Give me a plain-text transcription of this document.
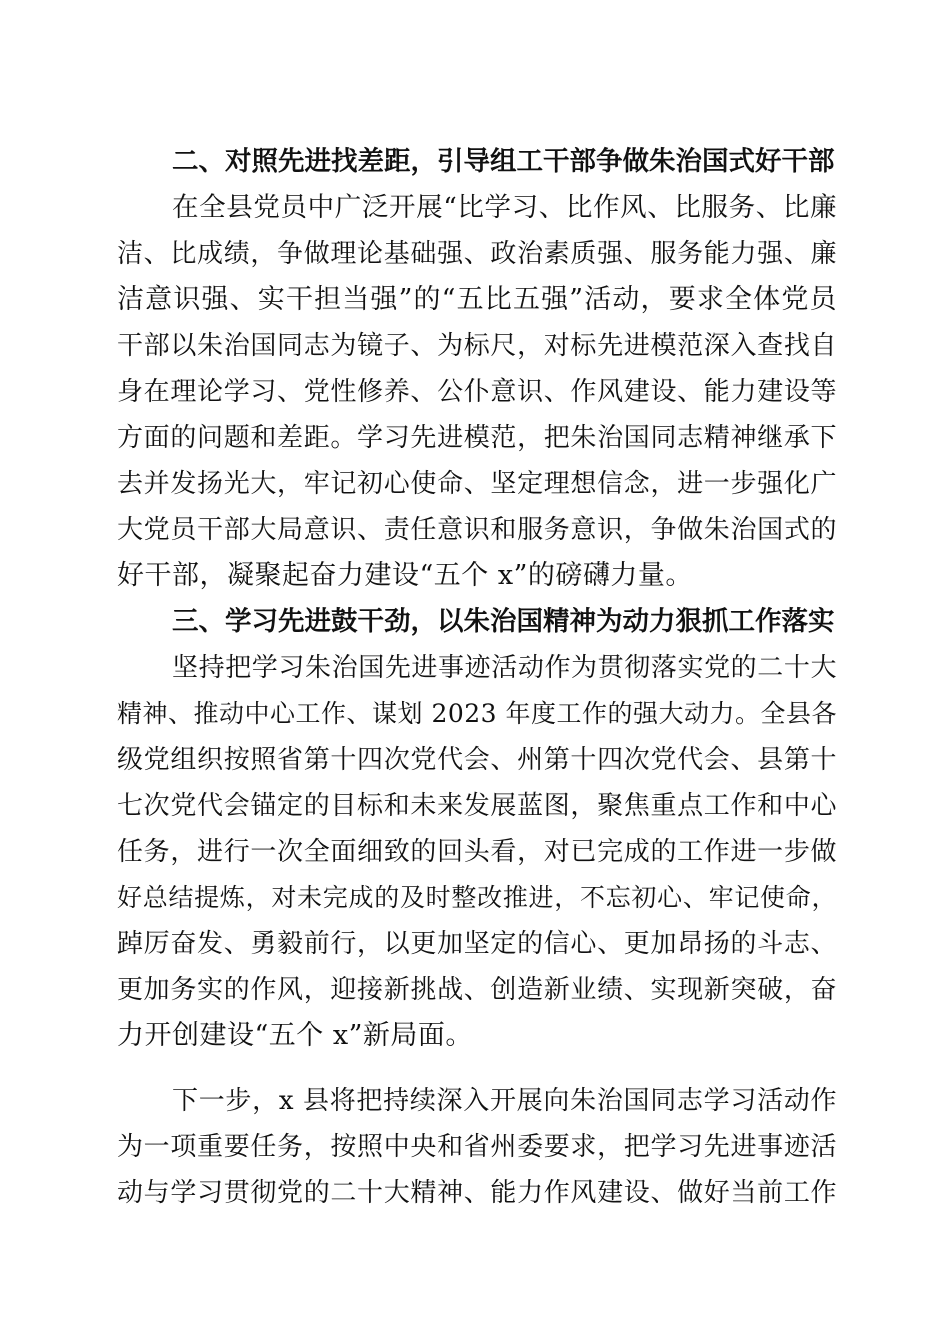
二、对照先进找差距，引导组工干部争做朱治国式好干部
在全县党员中广泛开展“比学习、比作风、比服务、比廉
洁、比成绩，争做理论基础强、政治素质强、服务能力强、廉
洁意识强、实干担当强”的“五比五强”活动，要求全体党员
干部以朱治国同志为镜子、为标尺，对标先进模范深入查找自
身在理论学习、党性修养、公仆意识、作风建设、能力建设等
方面的问题和差距。学习先进模范，把朱治国同志精神继承下
去并发扬光大，牢记初心使命、坚定理想信念，进一步强化广
大党员干部大局意识、责任意识和服务意识，争做朱治国式的
好干部，凝聚起奋力建设“五个 x”的磅礴力量。
三、学习先进鼓干劲，以朱治国精神为动力狠抓工作落实
坚持把学习朱治国先进事迹活动作为贯彻落实党的二十大
精神、推动中心工作、谋划 2023 年度工作的强大动力。全县各
级党组织按照省第十四次党代会、州第十四次党代会、县第十
七次党代会锚定的目标和未来发展蓝图，聚焦重点工作和中心
任务，进行一次全面细致的回头看，对已完成的工作进一步做
好总结提炼，对未完成的及时整改推进，不忘初心、牢记使命，
踔厉奋发、勇毅前行，以更加坚定的信心、更加昂扬的斗志、
更加务实的作风，迎接新挑战、创造新业绩、实现新突破，奋
力开创建设“五个 x”新局面。
下一步，x 县将把持续深入开展向朱治国同志学习活动作
为一项重要任务，按照中央和省州委要求，把学习先进事迹活
动与学习贯彻党的二十大精神、能力作风建设、做好当前工作
